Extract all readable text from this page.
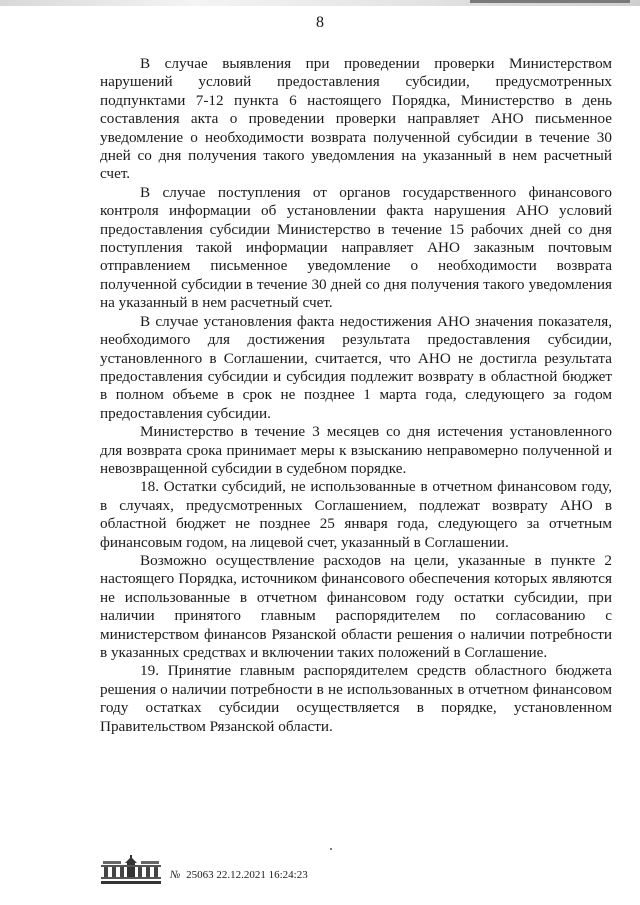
8

В случае выявления при проведении проверки Министерством нарушений условий предоставления субсидии, предусмотренных подпунктами 7-12 пункта 6 настоящего Порядка, Министерство в день составления акта о проведении проверки направляет АНО письменное уведомление о необходимости возврата полученной субсидии в течение 30 дней со дня получения такого уведомления на указанный в нем расчетный счет.

В случае поступления от органов государственного финансового контроля информации об установлении факта нарушения АНО условий предоставления субсидии Министерство в течение 15 рабочих дней со дня поступления такой информации направляет АНО заказным почтовым отправлением письменное уведомление о необходимости возврата полученной субсидии в течение 30 дней со дня получения такого уведомления на указанный в нем расчетный счет.

В случае установления факта недостижения АНО значения показателя, необходимого для достижения результата предоставления субсидии, установленного в Соглашении, считается, что АНО не достигла результата предоставления субсидии и субсидия подлежит возврату в областной бюджет в полном объеме в срок не позднее 1 марта года, следующего за годом предоставления субсидии.

Министерство в течение 3 месяцев со дня истечения установленного для возврата срока принимает меры к взысканию неправомерно полученной и невозвращенной субсидии в судебном порядке.

18. Остатки субсидий, не использованные в отчетном финансовом году, в случаях, предусмотренных Соглашением, подлежат возврату АНО в областной бюджет не позднее 25 января года, следующего за отчетным финансовым годом, на лицевой счет, указанный в Соглашении.

Возможно осуществление расходов на цели, указанные в пункте 2 настоящего Порядка, источником финансового обеспечения которых являются не использованные в отчетном финансовом году остатки субсидии, при наличии принятого главным распорядителем по согласованию с министерством финансов Рязанской области решения о наличии потребности в указанных средствах и включении таких положений в Соглашение.

19. Принятие главным распорядителем средств областного бюджета решения о наличии потребности в не использованных в отчетном финансовом году остатках субсидии осуществляется в порядке, установленном Правительством Рязанской области.

№ 25063 22.12.2021 16:24:23
